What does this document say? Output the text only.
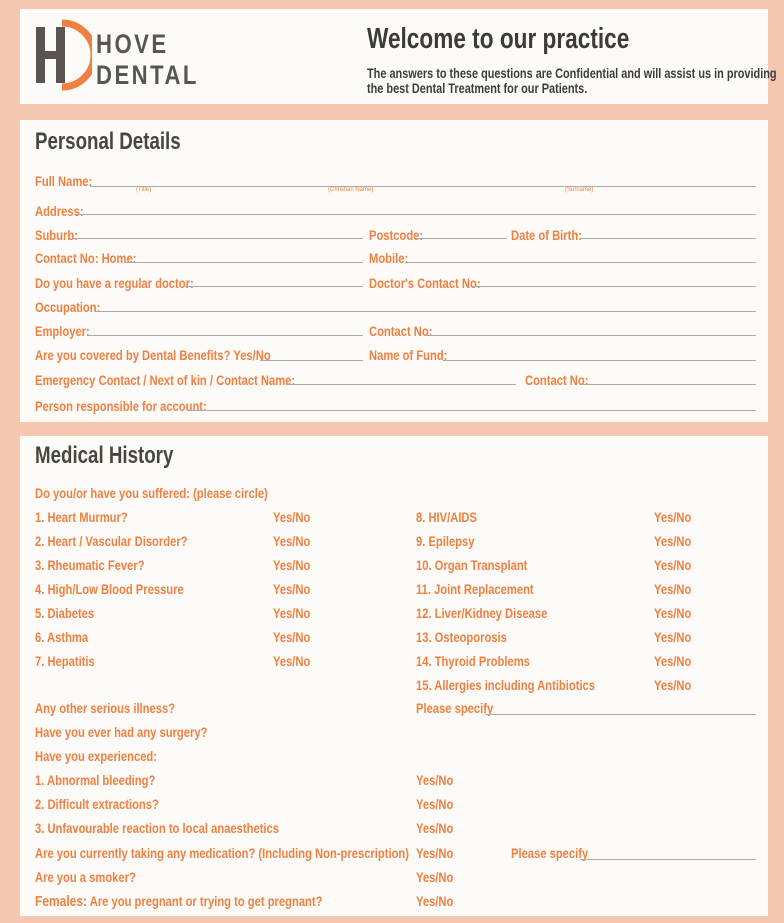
HOVE
DENTAL
Welcome to our practice
The answers to these questions are Confidential and will assist us in providing the best Dental Treatment for our Patients.
Personal Details
Full Name:
(Title)	(Christian Name)	(Surname)
Address:
Suburb:	Postcode:	Date of Birth:
Contact No: Home:	Mobile:
Do you have a regular doctor:	Doctor's Contact No:
Occupation:
Employer:	Contact No:
Are you covered by Dental Benefits? Yes/No	Name of Fund:
Emergency Contact / Next of kin / Contact Name:	Contact No:
Person responsible for account:
Medical History
Do you/or have you suffered: (please circle)
1. Heart Murmur?	Yes/No
2. Heart / Vascular Disorder?	Yes/No
3. Rheumatic Fever?	Yes/No
4. High/Low Blood Pressure	Yes/No
5. Diabetes	Yes/No
6. Asthma	Yes/No
7. Hepatitis	Yes/No
8. HIV/AIDS	Yes/No
9. Epilepsy	Yes/No
10. Organ Transplant	Yes/No
11. Joint Replacement	Yes/No
12. Liver/Kidney Disease	Yes/No
13. Osteoporosis	Yes/No
14. Thyroid Problems	Yes/No
15. Allergies including Antibiotics	Yes/No
Any other serious illness?	Please specify
Have you ever had any surgery?
Have you experienced:
1. Abnormal bleeding?	Yes/No
2. Difficult extractions?	Yes/No
3. Unfavourable reaction to local anaesthetics	Yes/No
Are you currently taking any medication? (Including Non-prescription) Yes/No	Please specify
Are you a smoker?	Yes/No
Females: Are you pregnant or trying to get pregnant?	Yes/No
